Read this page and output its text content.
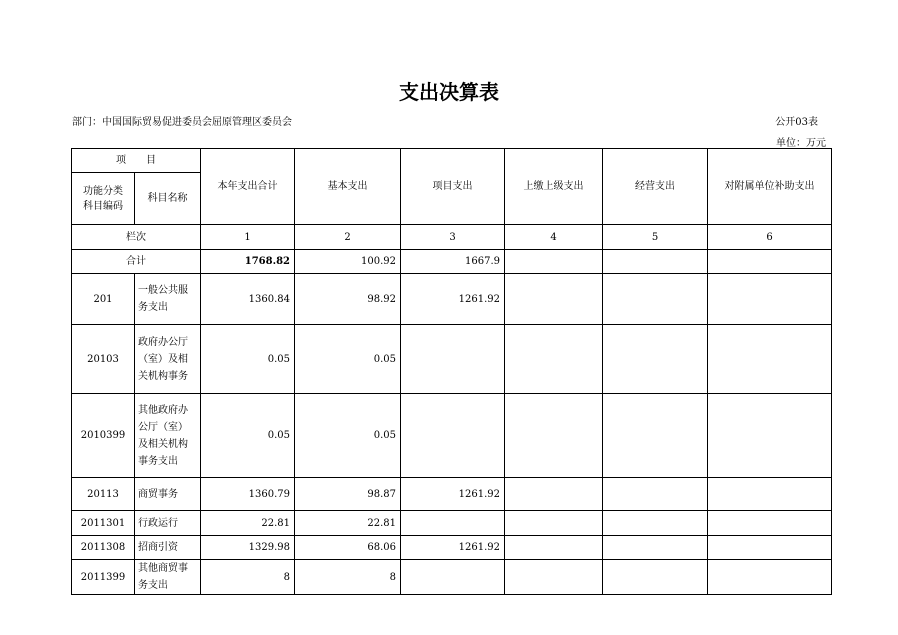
支出决算表
部门：中国国际贸易促进委员会屈原管理区委员会	公开03表
单位：万元
项　　目		本年支出合计	基本支出	项目支出	上缴上级支出	经营支出	对附属单位补助支出
功能分类科目编码	科目名称						
栏次		1	2	3	4	5	6
合计		1768.82	100.92	1667.9			
201	一般公共服务支出	1360.84	98.92	1261.92			
20103	政府办公厅（室）及相关机构事务	0.05	0.05				
2010399	其他政府办公厅（室）及相关机构事务支出	0.05	0.05				
20113	商贸事务	1360.79	98.87	1261.92			
2011301	行政运行	22.81	22.81				
2011308	招商引资	1329.98	68.06	1261.92			
2011399	其他商贸事务支出	8	8				
